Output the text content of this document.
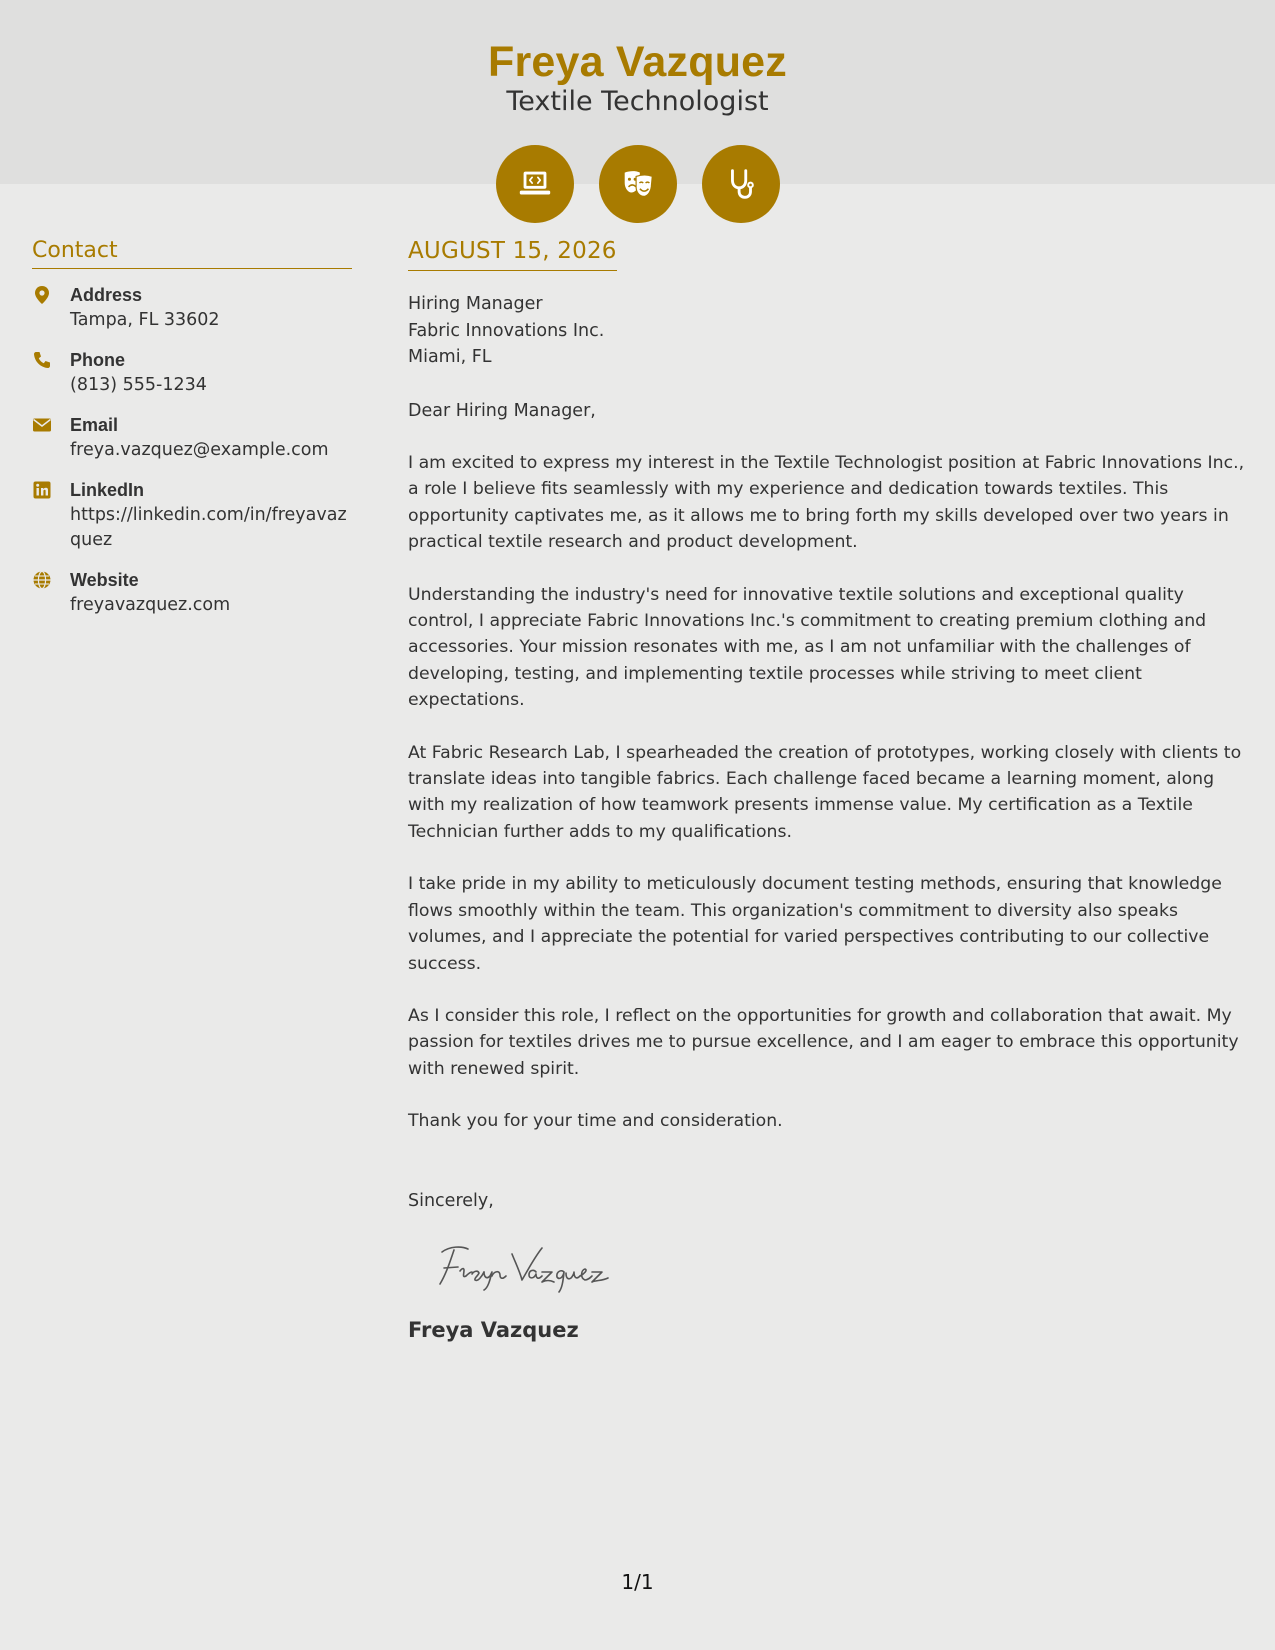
Freya Vazquez
Textile Technologist
Contact
Address
Tampa, FL 33602
Phone
(813) 555-1234
Email
freya.vazquez@example.com
LinkedIn
https://linkedin.com/in/freyavazquez
Website
freyavazquez.com
AUGUST 15, 2026
Hiring Manager
Fabric Innovations Inc.
Miami, FL
Dear Hiring Manager,
I am excited to express my interest in the Textile Technologist position at Fabric Innovations Inc., a role I believe fits seamlessly with my experience and dedication towards textiles. This opportunity captivates me, as it allows me to bring forth my skills developed over two years in practical textile research and product development.
Understanding the industry's need for innovative textile solutions and exceptional quality control, I appreciate Fabric Innovations Inc.'s commitment to creating premium clothing and accessories. Your mission resonates with me, as I am not unfamiliar with the challenges of developing, testing, and implementing textile processes while striving to meet client expectations.
At Fabric Research Lab, I spearheaded the creation of prototypes, working closely with clients to translate ideas into tangible fabrics. Each challenge faced became a learning moment, along with my realization of how teamwork presents immense value. My certification as a Textile Technician further adds to my qualifications.
I take pride in my ability to meticulously document testing methods, ensuring that knowledge flows smoothly within the team. This organization's commitment to diversity also speaks volumes, and I appreciate the potential for varied perspectives contributing to our collective success.
As I consider this role, I reflect on the opportunities for growth and collaboration that await. My passion for textiles drives me to pursue excellence, and I am eager to embrace this opportunity with renewed spirit.
Thank you for your time and consideration.
Sincerely,
Freya Vazquez
1/1
